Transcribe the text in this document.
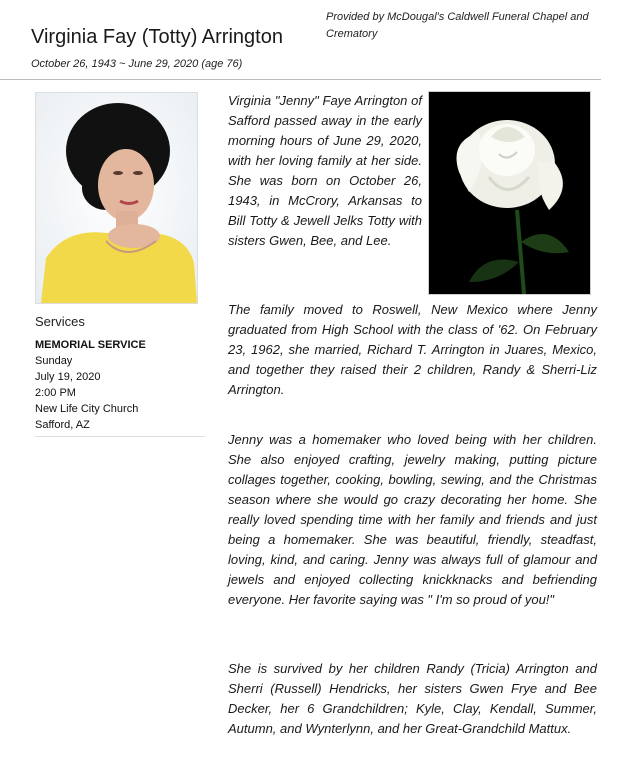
Provided by McDougal's Caldwell Funeral Chapel and Crematory
Virginia Fay (Totty) Arrington
October 26, 1943 ~ June 29, 2020 (age 76)
Services
MEMORIAL SERVICE
Sunday
July 19, 2020
2:00 PM
New Life City Church
Safford, AZ

Virginia "Jenny" Faye Arrington of Safford passed away in the early morning hours of June 29, 2020, with her loving family at her side. She was born on October 26, 1943, in McCrory, Arkansas to Bill Totty & Jewell Jelks Totty with sisters Gwen, Bee, and Lee.

The family moved to Roswell, New Mexico where Jenny graduated from High School with the class of '62. On February 23, 1962, she married, Richard T. Arrington in Juares, Mexico, and together they raised their 2 children, Randy & Sherri-Liz Arrington.

Jenny was a homemaker who loved being with her children. She also enjoyed crafting, jewelry making, putting picture collages together, cooking, bowling, sewing, and the Christmas season where she would go crazy decorating her home. She really loved spending time with her family and friends and just being a homemaker. She was beautiful, friendly, steadfast, loving, kind, and caring. Jenny was always full of glamour and jewels and enjoyed collecting knickknacks and befriending everyone. Her favorite saying was " I'm so proud of you!"

She is survived by her children Randy (Tricia) Arrington and Sherri (Russell) Hendricks, her sisters Gwen Frye and Bee Decker, her 6 Grandchildren; Kyle, Clay, Kendall, Summer, Autumn, and Wynterlynn, and her Great-Grandchild Mattux.
